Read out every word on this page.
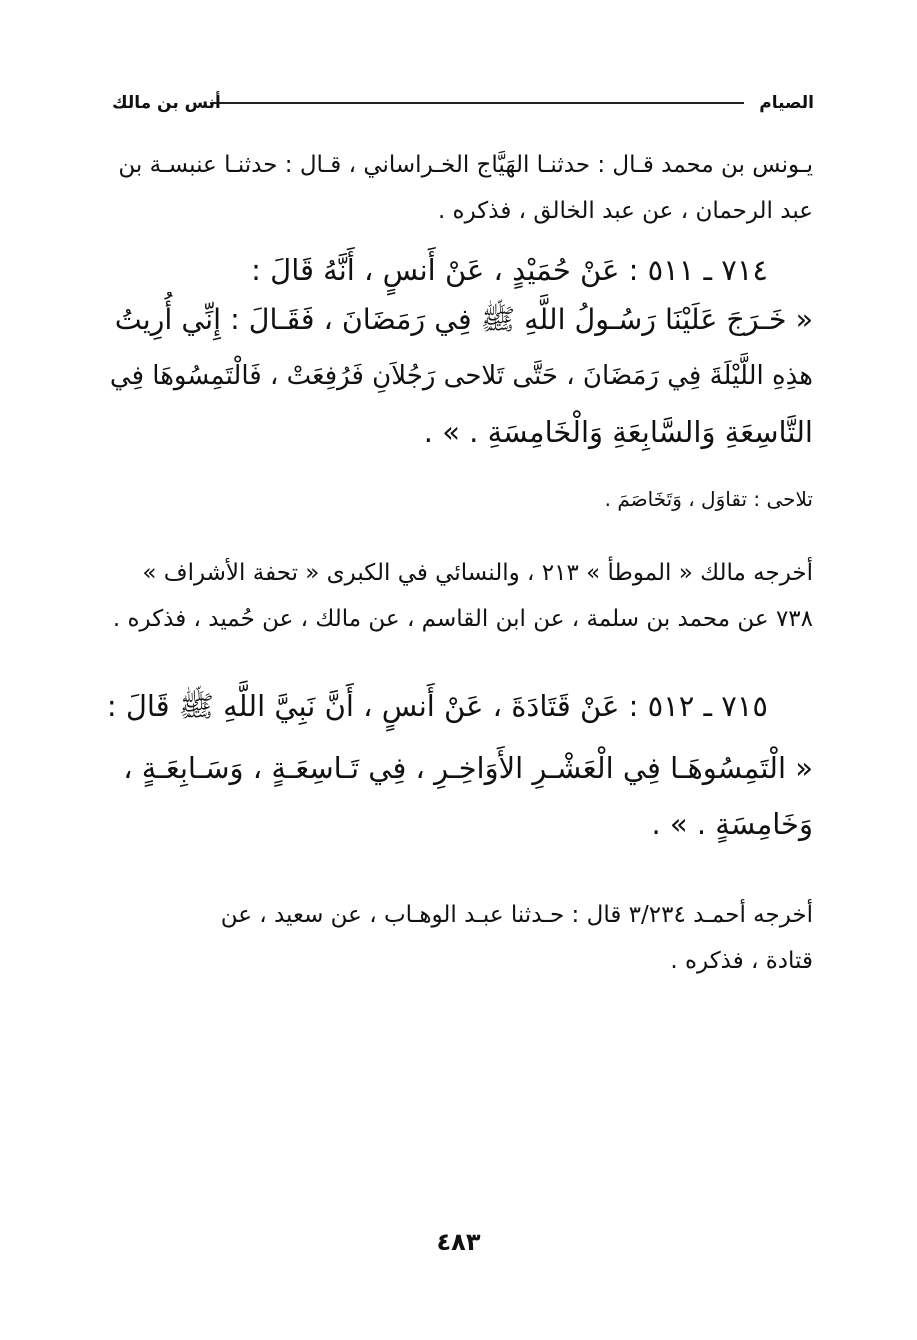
الصيام
أنس بن مالك
يـونس بن محمد قـال : حدثنـا الهَيَّاج الخـراساني ، قـال : حدثنـا عنبسـة بن
عبد الرحمان ، عن عبد الخالق ، فذكره .
٧١٤ ـ ٥١١ : عَنْ حُمَيْدٍ ، عَنْ أَنسٍ ، أَنَّهُ قَالَ :
« خَـرَجَ عَلَيْنَا رَسُـولُ اللَّهِ ﷺ فِي رَمَضَانَ ، فَقَـالَ : إِنِّي أُرِيتُ
هذِهِ اللَّيْلَةَ فِي رَمَضَانَ ، حَتَّى تَلاحى رَجُلاَنِ فَرُفِعَتْ ، فَالْتَمِسُوهَا فِي
التَّاسِعَةِ وَالسَّابِعَةِ وَالْخَامِسَةِ . » .
تلاحى : تقاوَل ، وَتَخَاصَمَ .
أخرجه مالك « الموطأ » ٢١٣ ، والنسائي في الكبرى « تحفة الأشراف »
٧٣٨ عن محمد بن سلمة ، عن ابن القاسم ، عن مالك ، عن حُميد ، فذكره .
٧١٥ ـ ٥١٢ : عَنْ قَتَادَةَ ، عَنْ أَنسٍ ، أَنَّ نَبِيَّ اللَّهِ ﷺ قَالَ :
« الْتَمِسُوهَـا فِي الْعَشْـرِ الأَوَاخِـرِ ، فِي تَـاسِعَـةٍ ، وَسَـابِعَـةٍ ،
وَخَامِسَةٍ . » .
أخرجه أحمـد ٣/٢٣٤ قال : حـدثنا عبـد الوهـاب ، عن سعيد ، عن
قتادة ، فذكره .
٤٨٣
